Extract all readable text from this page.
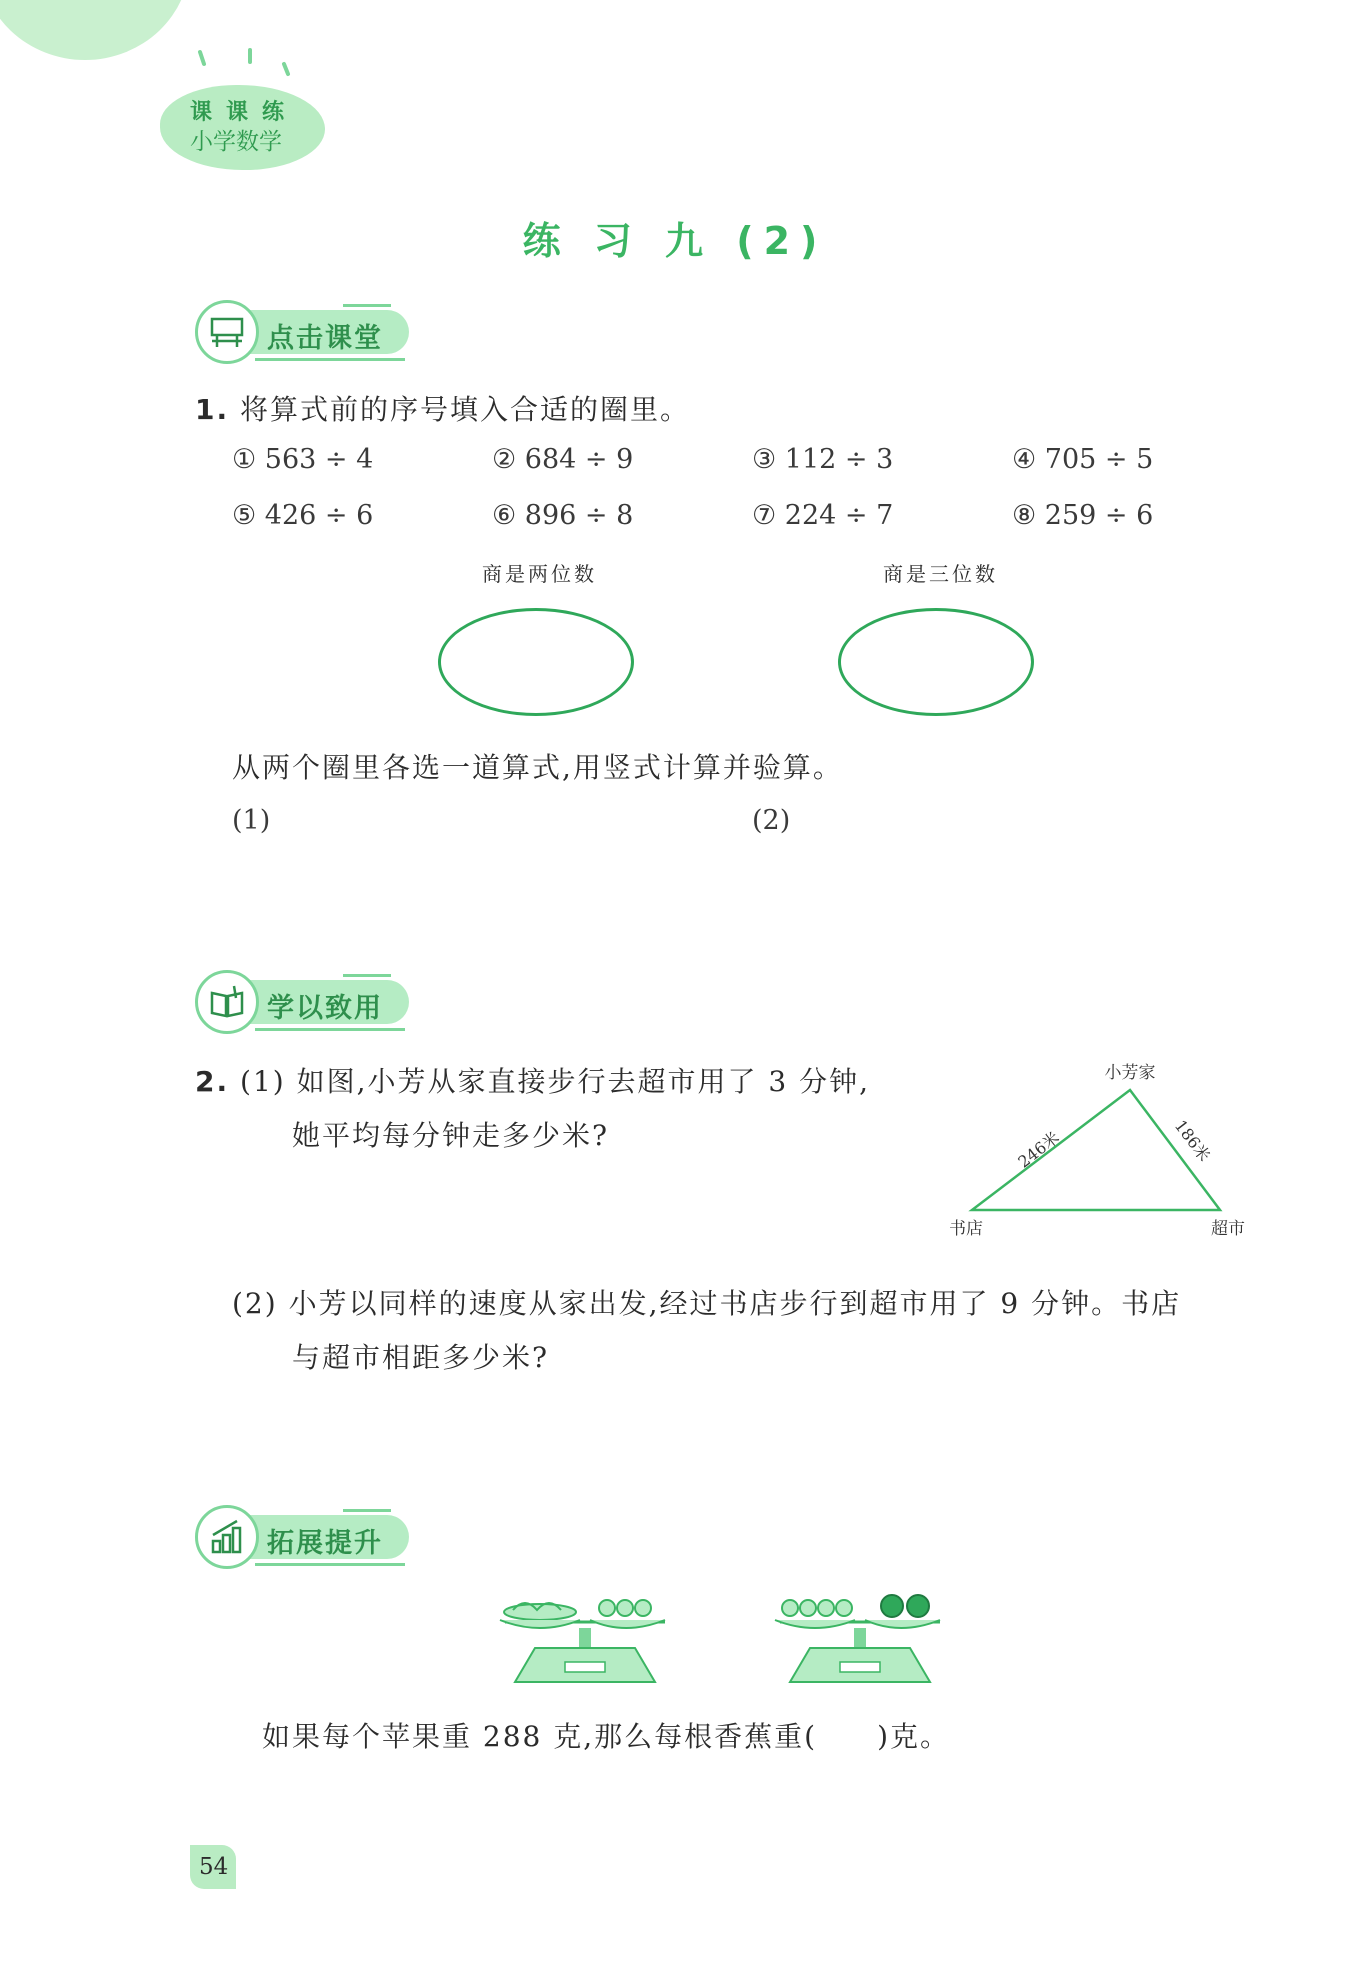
课课练
小学数学
练 习 九 (2)
点击课堂
1. 将算式前的序号填入合适的圈里。
① 563 ÷ 4	② 684 ÷ 9	③ 112 ÷ 3	④ 705 ÷ 5
⑤ 426 ÷ 6	⑥ 896 ÷ 8	⑦ 224 ÷ 7	⑧ 259 ÷ 6
商是两位数	商是三位数
从两个圈里各选一道算式,用竖式计算并验算。
(1)	(2)
学以致用
2. (1) 如图,小芳从家直接步行去超市用了 3 分钟,
她平均每分钟走多少米?
小芳家
书店	超市
246米	186米
(2) 小芳以同样的速度从家出发,经过书店步行到超市用了 9 分钟。书店
与超市相距多少米?
拓展提升
如果每个苹果重 288 克,那么每根香蕉重(　　)克。
54
